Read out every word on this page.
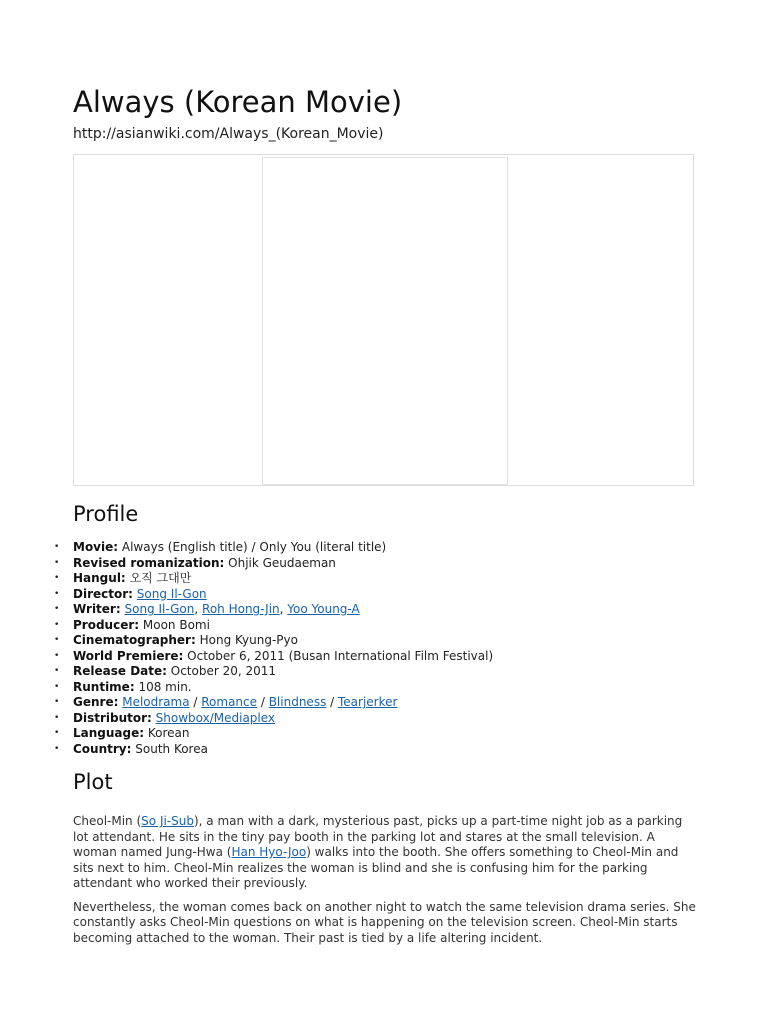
Always (Korean Movie)
http://asianwiki.com/Always_(Korean_Movie)
Profile
• Movie: Always (English title) / Only You (literal title)
• Revised romanization: Ohjik Geudaeman
• Hangul: 오직 그대만
• Director: Song Il-Gon
• Writer: Song Il-Gon, Roh Hong-Jin, Yoo Young-A
• Producer: Moon Bomi
• Cinematographer: Hong Kyung-Pyo
• World Premiere: October 6, 2011 (Busan International Film Festival)
• Release Date: October 20, 2011
• Runtime: 108 min.
• Genre: Melodrama / Romance / Blindness / Tearjerker
• Distributor: Showbox/Mediaplex
• Language: Korean
• Country: South Korea
Plot

Cheol-Min (So Ji-Sub), a man with a dark, mysterious past, picks up a part-time night job as a parking lot attendant. He sits in the tiny pay booth in the parking lot and stares at the small television. A woman named Jung-Hwa (Han Hyo-Joo) walks into the booth. She offers something to Cheol-Min and sits next to him. Cheol-Min realizes the woman is blind and she is confusing him for the parking attendant who worked their previously.

Nevertheless, the woman comes back on another night to watch the same television drama series. She constantly asks Cheol-Min questions on what is happening on the television screen. Cheol-Min starts becoming attached to the woman. Their past is tied by a life altering incident.
